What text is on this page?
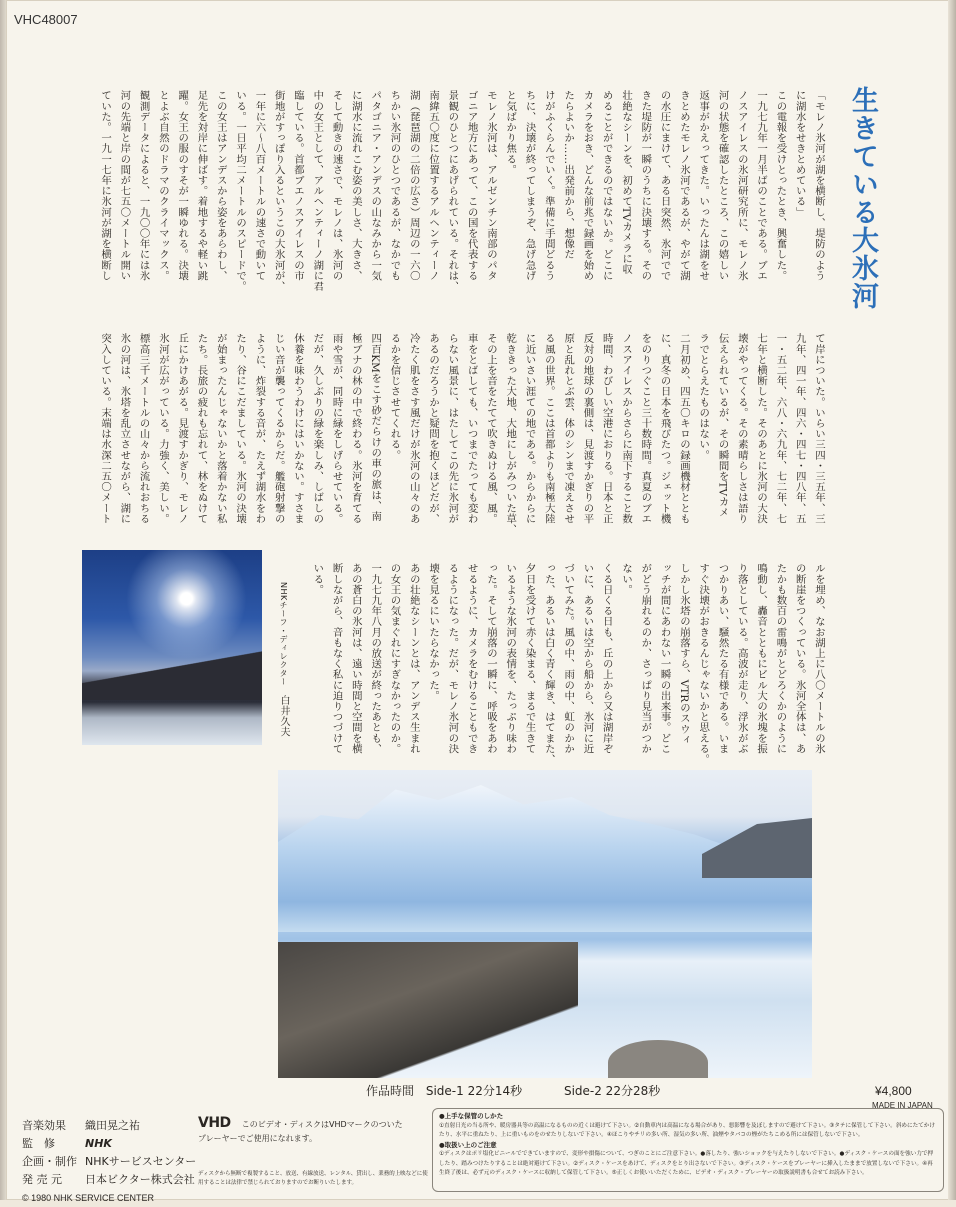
VHC48007
生きている大氷河
「モレノ氷河が湖を横断し、堤防のよう
に湖水をせきとめている」
この電報を受けとったとき、興奮した。
一九七九年一月半ばのことである。ブエ
ノスアイレスの氷河研究所に、モレノ氷
河の状態を確認したところ、この嬉しい
返事がかえってきた。いったんは湖をせ
きとめたモレノ氷河であるが、やがて湖
の水圧にまけて、ある日突然、氷河でで
きた堤防が一瞬のうちに決壊する。その
壮絶なシーンを、初めてTVカメラに収
めることができるのではないか。どこに
カメラをおき、どんな前兆で録画を始め
たらよいか……出発前から、想像だ
けがふくらんでいく。準備に手間どるう
ちに、決壊が終ってしまうぞ、急げ急げ
と気ばかり焦る。
モレノ氷河は、アルゼンチン南部のパタ
ゴニア地方にあって、この国を代表する
景観のひとつにあげられている。それは、
南緯五〇度に位置するアルヘンティーノ
湖（琵琶湖の二倍の広さ）周辺の一六〇
ちかい氷河のひとつであるが、なかでも
パタゴニア・アンデスの山なみから一気
に湖水に流れこむ姿の美しさ、大きさ、
そして動きの速さで、モレノは、氷河の
中の女王として、アルヘンティーノ湖に君
臨している。首都ブエノスアイレスの市
街地がすっぽり入るというこの大氷河が、
一年に六～八百メートルの速さで動いて
いる。一日平均二メートルのスピードで。
この女王はアンデスから姿をあらわし、
足先を対岸に伸ばす。着地するや軽い跳
躍。女王の服のすそが一瞬ゆれる。決壊
とよぶ自然のドラマのクライマックス。
観測データによると、一九〇〇年には氷
河の先端と岸の間が七五〇メートル開い
ていた。一九一七年に氷河が湖を横断し
て岸についた。いらい三四・三五年、三
九年、四一年、四六・四七・四八年、五
一・五二年、六八・六九年、七二年、七
七年と横断した。そのあとに氷河の大決
壊がやってくる。その素晴らしさは語り
伝えられているが、その瞬間をTVカメ
ラでとらえたものはない。
二月初め、四五〇キロの録画機材ととも
に、真冬の日本を飛びたつ。ジェット機
をのりつぐこと三十数時間。真夏のブエ
ノスアイレスからさらに南下すること数
時間、わびしい空港におりる。日本と正
反対の地球の裏側は、見渡すかぎりの平
原と乱れとぶ雲、体のシンまで凍えさせ
る風の世界。ここは首都よりも南極大陸
に近いさい涯ての地である。からからに
乾ききった大地、大地にしがみついた草、
その上を音をたてて吹きぬける風、風。
車をとばしても、いつまでたっても変わ
らない風景に、はたしてこの先に氷河が
あるのだろうかと疑問を抱くほどだが、
冷たく肌をさす風だけが氷河の山々のあ
るかを信じさせてくれる。
四百KMをこす砂だらけの車の旅は、南
極ブナの林の中で終わる。氷河を育てる
雨や雪が、同時に緑をしげらせている。
だが、久しぶりの緑を楽しみ、しばしの
休養を味わうわけにはいかない。すさま
じい音が襲ってくるからだ。艦砲射撃の
ように、炸裂する音が、たえず湖水をわ
たり、谷にこだましている。氷河の決壊
が始まったんじゃないかと落着かない私
たち。長旅の疲れも忘れて、林をぬけて
丘にかけあがる。見渡すかぎり、モレノ
氷河が広がっている。力強く、美しい。
標高三千メートルの山々から流れおちる
氷の河は、氷塔を乱立させながら、湖に
突入している。末端は水深二五〇メート
ルを埋め、なお湖上に八〇メートルの氷
の断崖をつくっている。氷河全体は、あ
たかも数百の雷鳴がとどろくかのように
鳴動し、轟音とともにビル大の氷塊を振
り落としている。高波が走り、浮氷がぶ
つかりあい、騒然たる有様である。いま
すぐ決壊がおきるんじゃないかと思える。
しかし氷塔の崩落すら、VTRのスウィ
ッチが間にあわない一瞬の出来事。どこ
がどう崩れるのか、さっぱり見当がつか
ない。
くる日くる日も、丘の上から又は湖岸ぞ
いに、あるいは空から船から、氷河に近
づいてみた。風の中、雨の中、虹のかか
った、あるいは白く青く輝き、はてまた、
夕日を受けて赤く染まる、まるで生きて
いるような氷河の表情を、たっぷり味わ
った。そして崩落の一瞬に、呼吸をあわ
せるように、カメラをむけることもでき
るようになった。だが、モレノ氷河の決
壊を見るにいたらなかった。
あの壮絶なシーンとは、アンデス生まれ
の女王の気まぐれにすぎなかったのか。
一九七九年八月の放送が終ったあとも、
あの蒼白の氷河は、遠い時間と空間を横
断しながら、音もなく私に迫りつづけて
いる。
NHKチーフ・ディレクター 白井久夫
作品時間 Side-1 22分14秒	Side-2 22分28秒	¥4,800
MADE IN JAPAN
音楽効果 織田晃之祐
監　修	NHK
企画・制作 NHKサービスセンター
発 売 元 日本ビクター株式会社
© 1980 NHK SERVICE CENTER
VHD このビデオ・ディスクはVHDマークのついた
プレーヤーでご使用になれます。
ディスクから無断で複製すること、放送、有線放送、レンタル、貸出し、業務的上映などに使用することは法律で禁じられておりますのでお断りいたします。
●上手な保管のしかた
①直射日光の当る所や、暖房器具等の高温になるものの近くは避けて下さい。②自動車内は高温になる場合があり、悪影響を及ぼしますので避けて下さい。③タテに保管して下さい。斜めにたてかけたり、水平に重ねたり、上に重いものをのせたりしないで下さい。④ほこりやチリの多い所、湿気の多い所、油煙やタバコの煙がたちこめる所には保管しないで下さい。
●取扱い上のご注意
①ディスクはポリ塩化ビニールでできていますので、変形や損傷について、つぎのことにご注意下さい。●落したり、強いショックを与えたりしないで下さい。●ディスク・ケースの面を強い力で押したり、踏みつけたりすることは絶対避けて下さい。②ディスク・ケースをあけて、ディスクをとり出さないで下さい。③ディスク・ケースをプレーヤーに挿入したままで放置しないで下さい。④再生終了後は、必ず元のディスク・ケースに収納して保管して下さい。⑤正しくお使いいただくために、ビデオ・ディスク・プレーヤーの取扱説明書も合せてお読み下さい。
